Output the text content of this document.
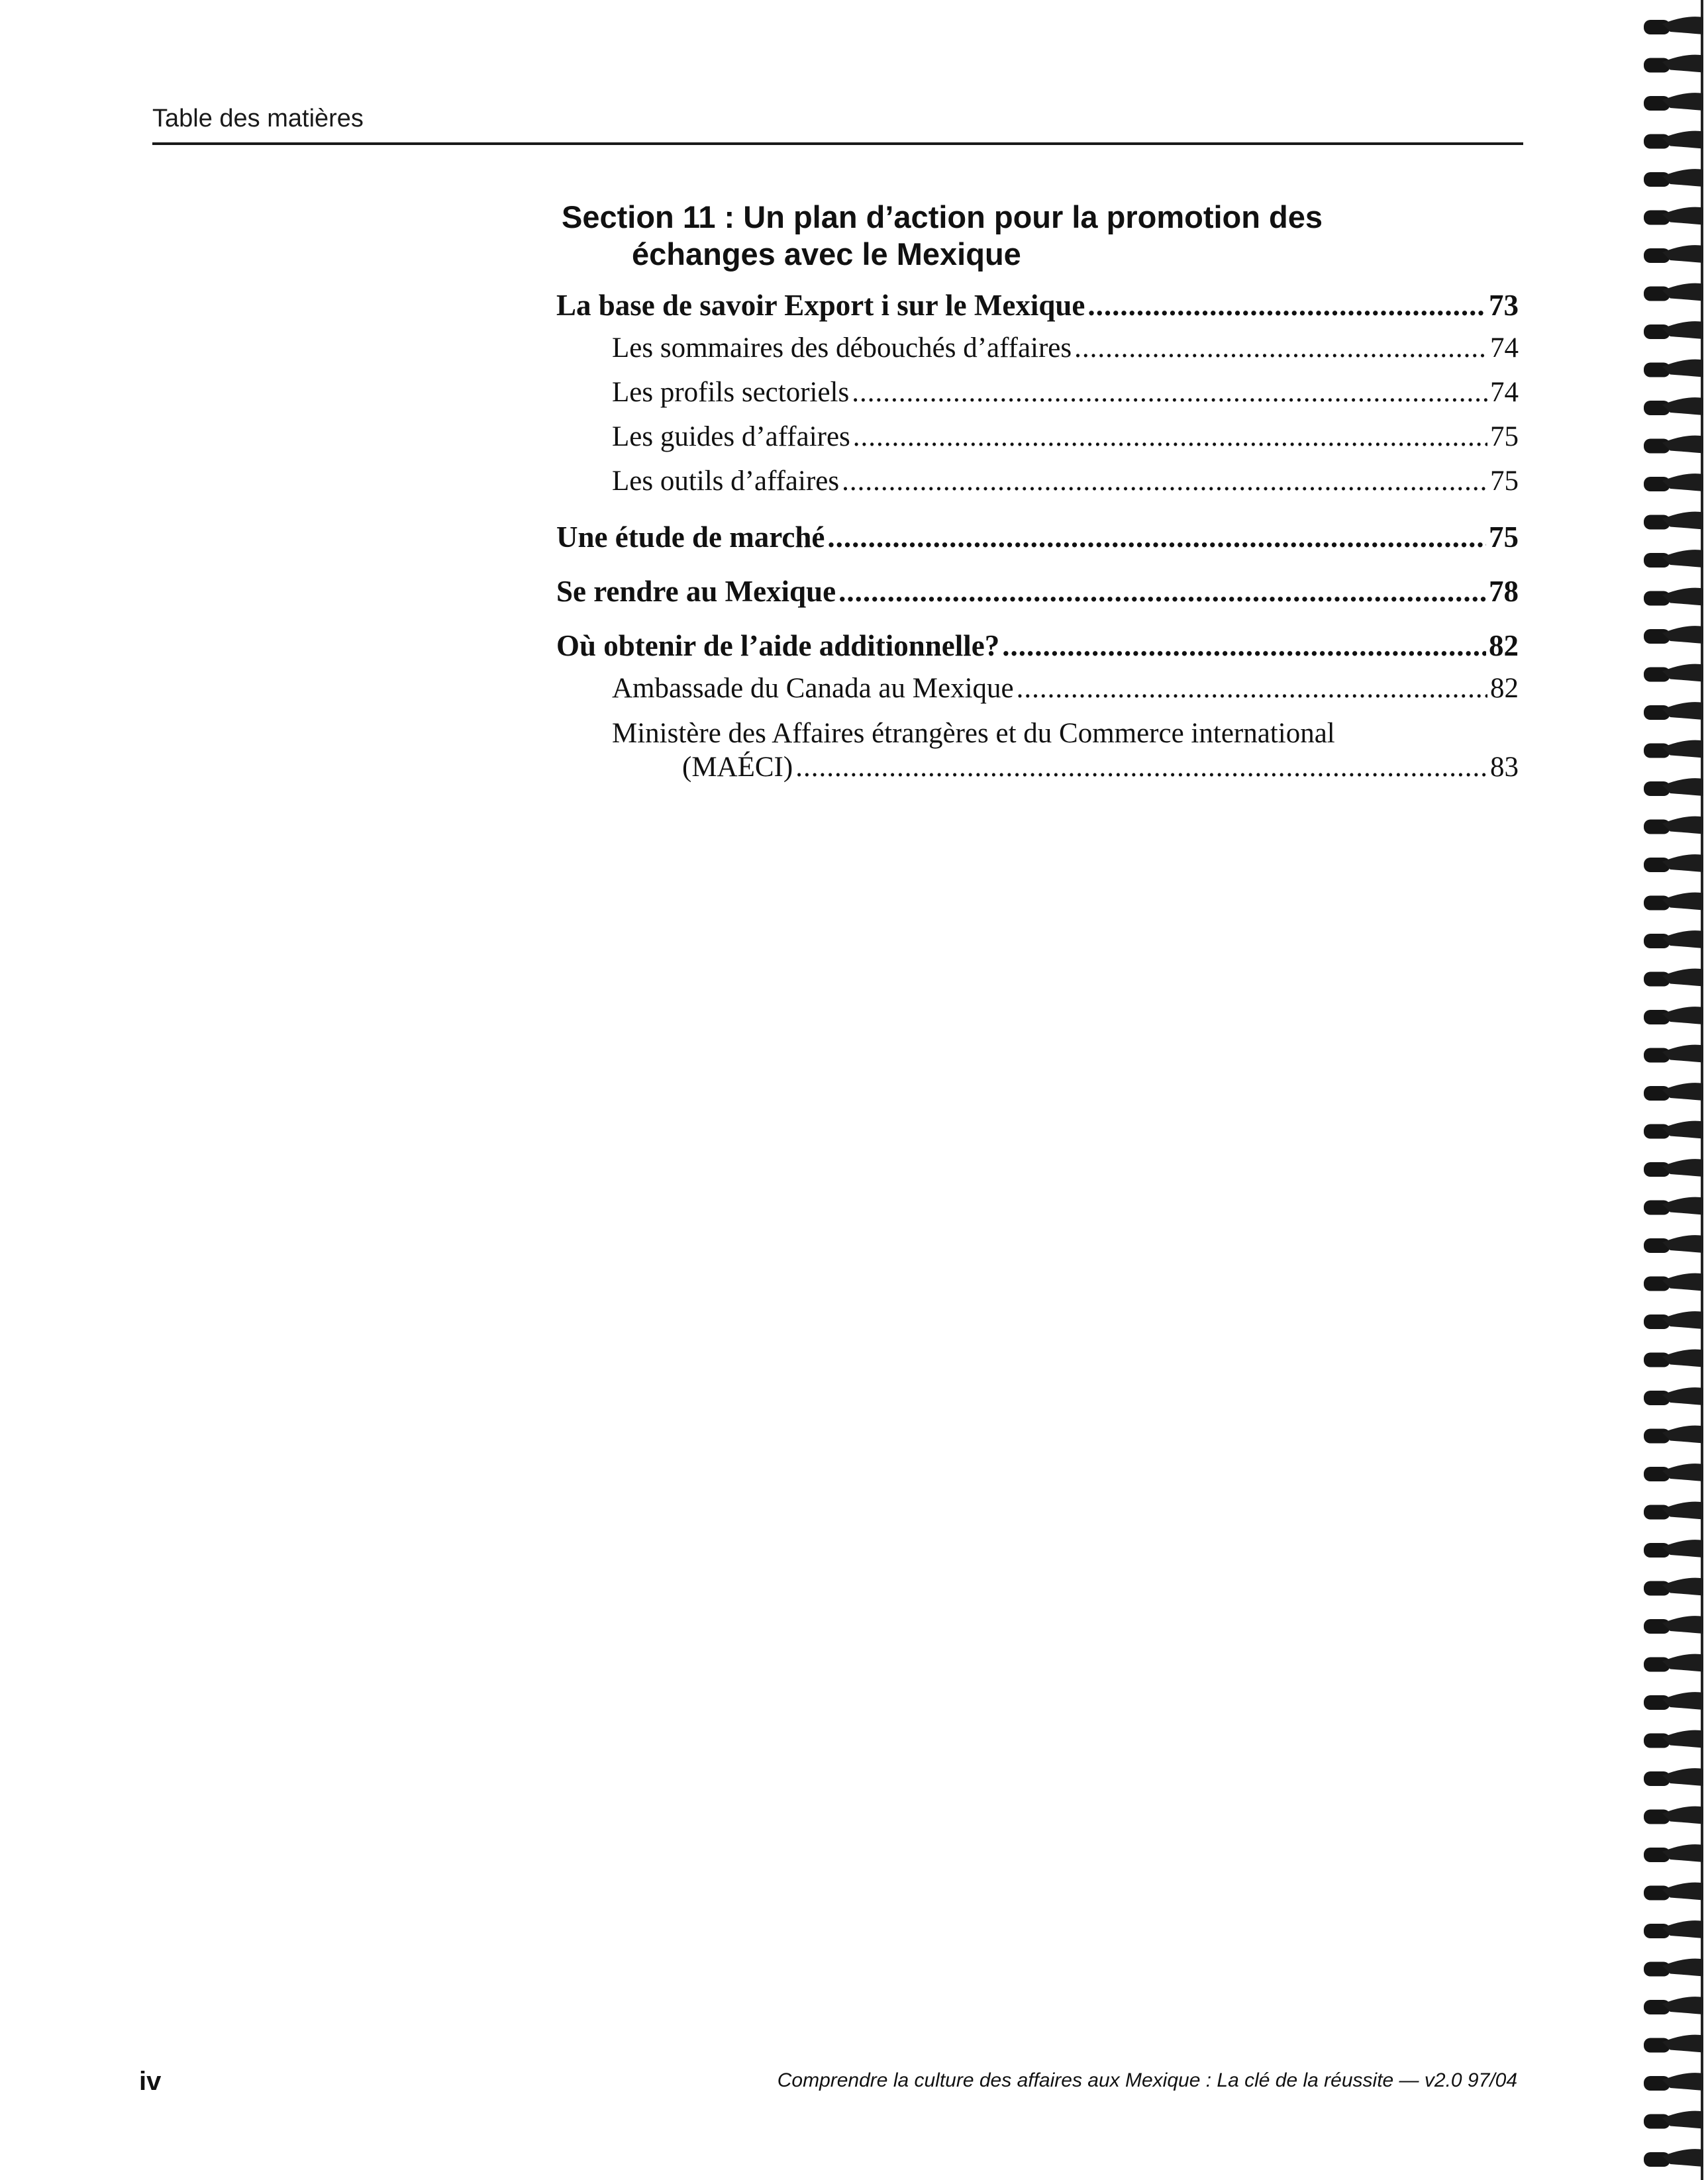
Table des matières
Section 11 : Un plan d’action pour la promotion des
échanges avec le Mexique
La base de savoir Export i sur le Mexique .....	73
Les sommaires des débouchés d’affaires .....	74
Les profils sectoriels .....	74
Les guides d’affaires .....	75
Les outils d’affaires .....	75
Une étude de marché .....	75
Se rendre au Mexique .....	78
Où obtenir de l’aide additionnelle? .....	82
Ambassade du Canada au Mexique .....	82
Ministère des Affaires étrangères et du Commerce international
(MAÉCI) .....	83
iv	Comprendre la culture des affaires aux Mexique : La clé de la réussite — v2.0 97/04
